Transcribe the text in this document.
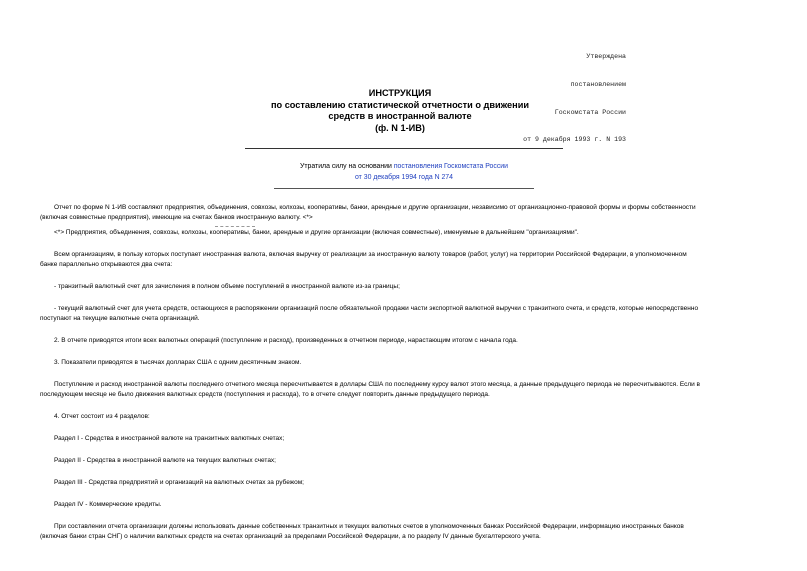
Утверждена

постановлением

Госкомстата России

от 9 декабря 1993 г. N 193

ИНСТРУКЦИЯ
по составлению статистической отчетности о движении
средств в иностранной валюте
(ф. N 1-ИВ)
Утратила силу на основании постановления Госкомстата России
от 30 декабря 1994 года N 274
Отчет по форме N 1-ИВ составляют предприятия, объединения, совхозы, колхозы, кооперативы, банки, арендные и другие организации, независимо от организационно-правовой формы и формы собственности
(включая совместные предприятия), имеющие на счетах банков иностранную валюту. <*>
<*> Предприятия, объединения, совхозы, колхозы, кооперативы, банки, арендные и другие организации (включая совместные), именуемые в дальнейшем "организациями".
Всем организациям, в пользу которых поступает иностранная валюта, включая выручку от реализации за иностранную валюту товаров (работ, услуг) на территории Российской Федерации, в уполномоченном
банке параллельно открываются два счета:
- транзитный валютный счет для зачисления в полном объеме поступлений в иностранной валюте из-за границы;
- текущий валютный счет для учета средств, остающихся в распоряжении организаций после обязательной продажи части экспортной валютной выручки с транзитного счета, и средств, которые непосредственно
поступают на текущие валютные счета организаций.
2. В отчете приводятся итоги всех валютных операций (поступление и расход), произведенных в отчетном периоде, нарастающим итогом с начала года.
3. Показатели приводятся в тысячах долларах США с одним десятичным знаком.
Поступление и расход иностранной валюты последнего отчетного месяца пересчитывается в доллары США по последнему курсу валют этого месяца, а данные предыдущего периода не пересчитываются. Если в
последующем месяце не было движения валютных средств (поступления и расхода), то в отчете следует повторить данные предыдущего периода.
4. Отчет состоит из 4 разделов:
Раздел I - Средства в иностранной валюте на транзитных валютных счетах;
Раздел II - Средства в иностранной валюте на текущих валютных счетах;
Раздел III - Средства предприятий и организаций на валютных счетах за рубежом;
Раздел IV - Коммерческие кредиты.
При составлении отчета организации должны использовать данные собственных транзитных и текущих валютных счетов в уполномоченных банках Российской Федерации, информацию иностранных банков
(включая банки стран СНГ) о наличии валютных средств на счетах организаций за пределами Российской Федерации, а по разделу IV данные бухгалтерского учета.
